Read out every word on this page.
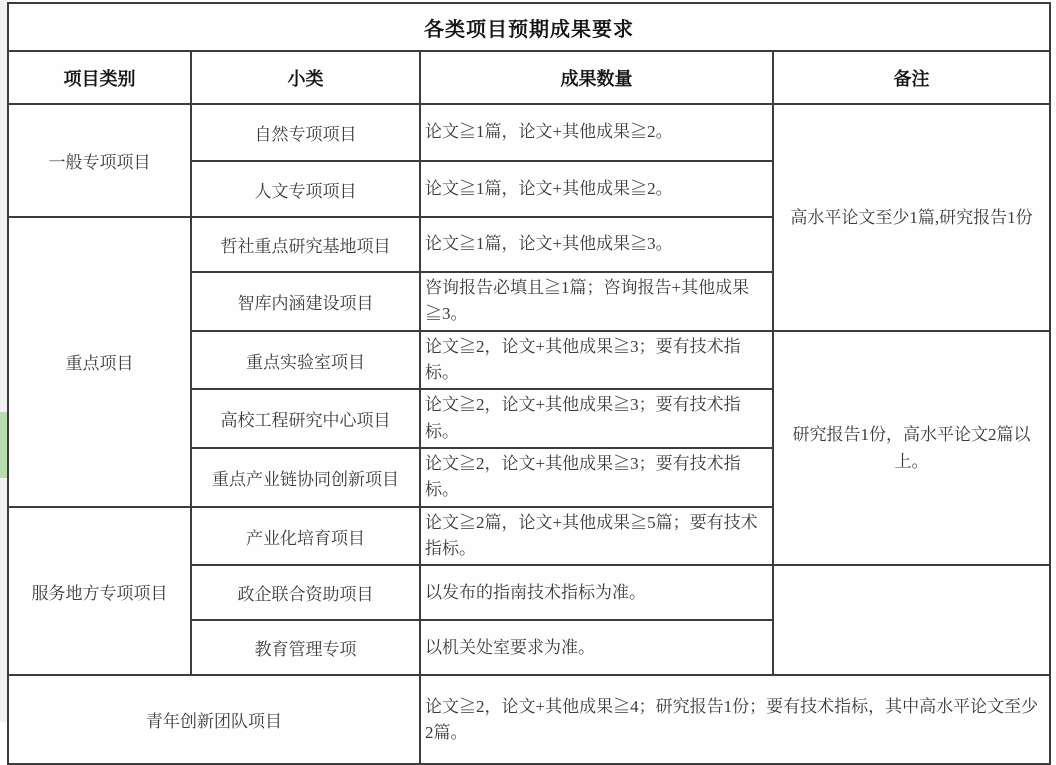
各类项目预期成果要求			
项目类别	小类	成果数量	备注
一般专项项目	自然专项项目	论文≧1篇，论文+其他成果≧2。	高水平论文至少1篇,研究报告1份
	人文专项项目	论文≧1篇，论文+其他成果≧2。	
重点项目	哲社重点研究基地项目	论文≧1篇，论文+其他成果≧3。	
	智库内涵建设项目	咨询报告必填且≧1篇；咨询报告+其他成果≧3。	
	重点实验室项目	论文≧2，论文+其他成果≧3；要有技术指标。	研究报告1份，高水平论文2篇以上。
	高校工程研究中心项目	论文≧2，论文+其他成果≧3；要有技术指标。	
	重点产业链协同创新项目	论文≧2，论文+其他成果≧3；要有技术指标。	
服务地方专项项目	产业化培育项目	论文≧2篇，论文+其他成果≧5篇；要有技术指标。	
	政企联合资助项目	以发布的指南技术指标为准。	
	教育管理专项	以机关处室要求为准。	
青年创新团队项目		论文≧2，论文+其他成果≧4；研究报告1份；要有技术指标，其中高水平论文至少2篇。	
